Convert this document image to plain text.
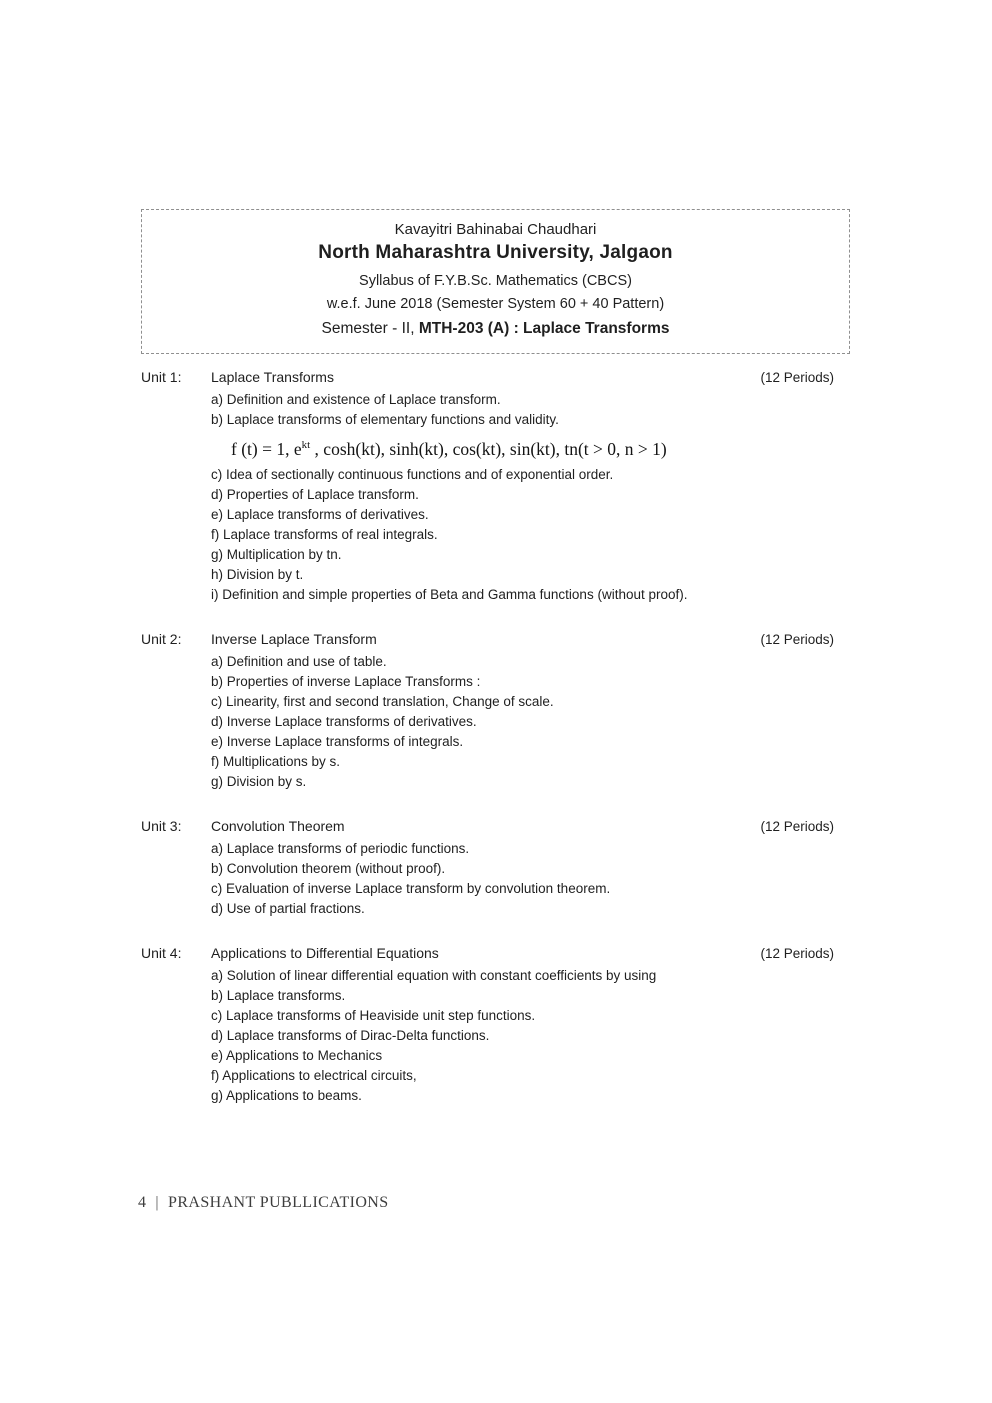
Kavayitri Bahinabai Chaudhari
North Maharashtra University, Jalgaon
Syllabus of F.Y.B.Sc. Mathematics (CBCS)
w.e.f. June 2018 (Semester System 60 + 40 Pattern)
Semester - II, MTH-203 (A) : Laplace Transforms
Unit 1:	Laplace Transforms	(12 Periods)
a) Definition and existence of Laplace transform.
b) Laplace transforms of elementary functions and validity.
f (t) = 1, $e^{kt}$ , cosh(kt), sinh(kt), cos(kt), sin(kt), tn(t > 0, n > 1)
c) Idea of sectionally continuous functions and of exponential order.
d) Properties of Laplace transform.
e) Laplace transforms of derivatives.
f) Laplace transforms of real integrals.
g) Multiplication by tn.
h) Division by t.
i) Definition and simple properties of Beta and Gamma functions (without proof).
Unit 2:	Inverse Laplace Transform	(12 Periods)
a) Definition and use of table.
b) Properties of inverse Laplace Transforms :
c) Linearity, first and second translation, Change of scale.
d) Inverse Laplace transforms of derivatives.
e) Inverse Laplace transforms of integrals.
f) Multiplications by s.
g) Division by s.
Unit 3:	Convolution Theorem	(12 Periods)
a) Laplace transforms of periodic functions.
b) Convolution theorem (without proof).
c) Evaluation of inverse Laplace transform by convolution theorem.
d) Use of partial fractions.
Unit 4:	Applications to Differential Equations	(12 Periods)
a) Solution of linear differential equation with constant coefficients by using
b) Laplace transforms.
c) Laplace transforms of Heaviside unit step functions.
d) Laplace transforms of Dirac-Delta functions.
e) Applications to Mechanics
f) Applications to electrical circuits,
g) Applications to beams.
4 | PRASHANT PUBLLICATIONS
